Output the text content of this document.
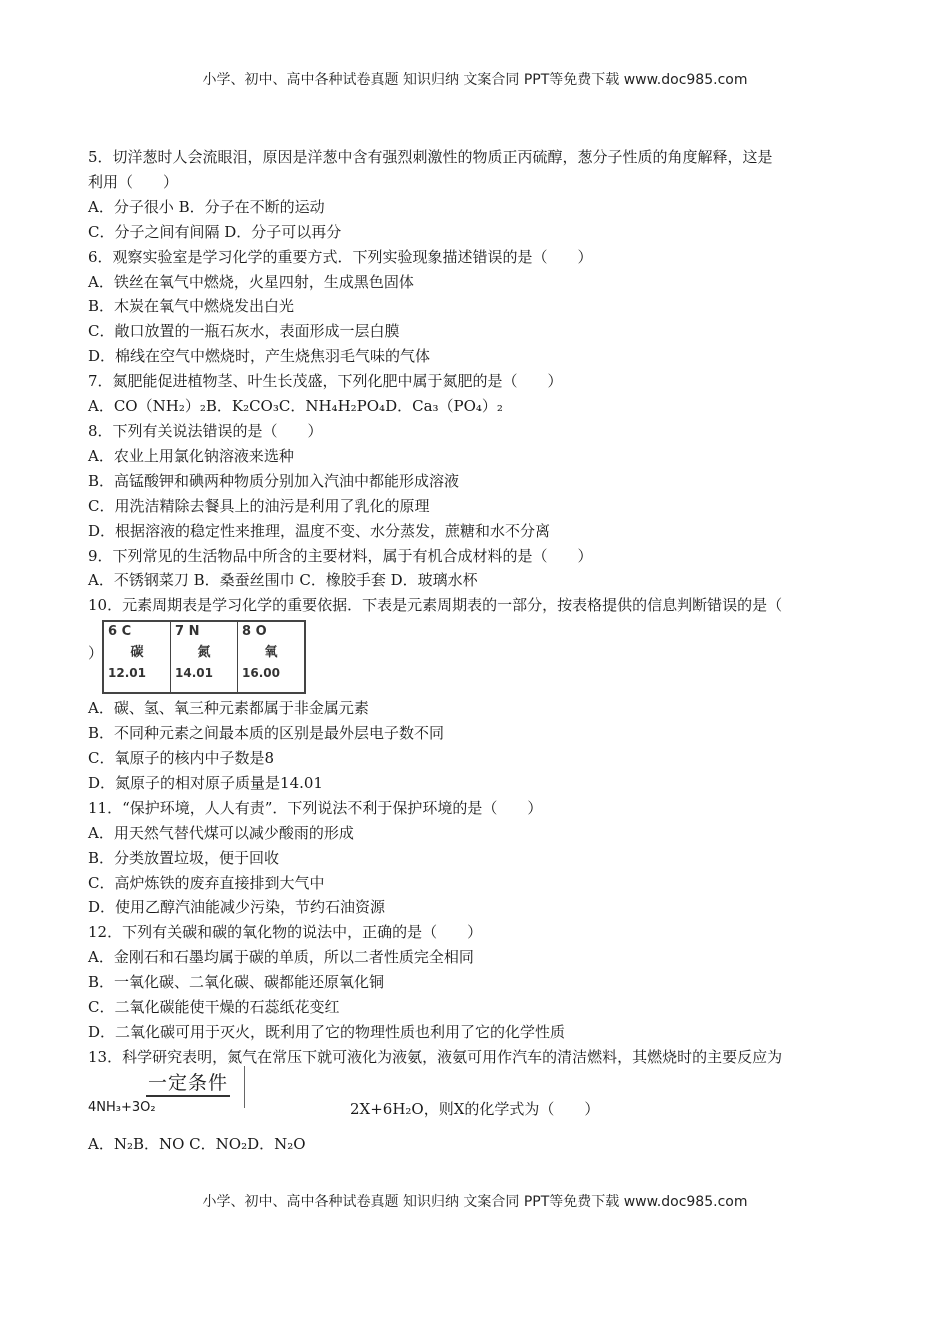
小学、初中、高中各种试卷真题 知识归纳 文案合同 PPT等免费下载 www.doc985.com
5．切洋葱时人会流眼泪，原因是洋葱中含有强烈刺激性的物质正丙硫醇，葱分子性质的角度解释，这是
利用（　　）
A．分子很小 B．分子在不断的运动
C．分子之间有间隔 D．分子可以再分
6．观察实验室是学习化学的重要方式．下列实验现象描述错误的是（　　）
A．铁丝在氧气中燃烧，火星四射，生成黑色固体
B．木炭在氧气中燃烧发出白光
C．敞口放置的一瓶石灰水，表面形成一层白膜
D．棉线在空气中燃烧时，产生烧焦羽毛气味的气体
7．氮肥能促进植物茎、叶生长茂盛，下列化肥中属于氮肥的是（　　）
A．CO（NH₂）₂B．K₂CO₃C．NH₄H₂PO₄D．Ca₃（PO₄）₂
8．下列有关说法错误的是（　　）
A．农业上用氯化钠溶液来选种
B．高锰酸钾和碘两种物质分别加入汽油中都能形成溶液
C．用洗洁精除去餐具上的油污是利用了乳化的原理
D．根据溶液的稳定性来推理，温度不变、水分蒸发，蔗糖和水不分离
9．下列常见的生活物品中所含的主要材料，属于有机合成材料的是（　　）
A．不锈钢菜刀 B．桑蚕丝围巾 C．橡胶手套 D．玻璃水杯
10．元素周期表是学习化学的重要依据．下表是元素周期表的一部分，按表格提供的信息判断错误的是（
）
6 C
碳
12.01

7 N
氮
14.01

8 O
氧
16.00
A．碳、氢、氧三种元素都属于非金属元素
B．不同种元素之间最本质的区别是最外层电子数不同
C．氧原子的核内中子数是8
D．氮原子的相对原子质量是14.01
11．“保护环境，人人有责”．下列说法不利于保护环境的是（　　）
A．用天然气替代煤可以减少酸雨的形成
B．分类放置垃圾，便于回收
C．高炉炼铁的废弃直接排到大气中
D．使用乙醇汽油能减少污染，节约石油资源
12．下列有关碳和碳的氧化物的说法中，正确的是（　　）
A．金刚石和石墨均属于碳的单质，所以二者性质完全相同
B．一氧化碳、二氧化碳、碳都能还原氧化铜
C．二氧化碳能使干燥的石蕊纸花变红
D．二氧化碳可用于灭火，既利用了它的物理性质也利用了它的化学性质
13．科学研究表明，氮气在常压下就可液化为液氨，液氨可用作汽车的清洁燃料，其燃烧时的主要反应为
一定条件
4NH₃+3O₂	2X+6H₂O，则X的化学式为（　　）
A．N₂B．NO C．NO₂D．N₂O
小学、初中、高中各种试卷真题 知识归纳 文案合同 PPT等免费下载 www.doc985.com
